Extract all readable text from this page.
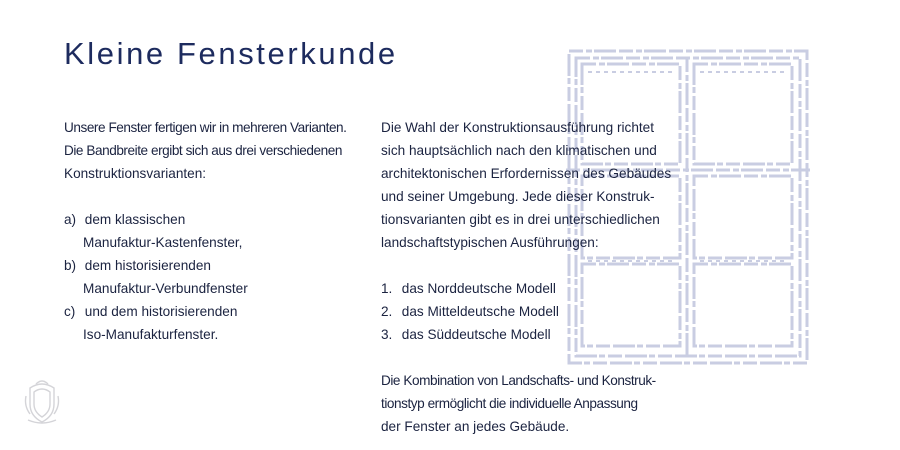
Kleine Fensterkunde

Unsere Fenster fertigen wir in mehreren Varianten.

Die Bandbreite ergibt sich aus drei verschiedenen

Konstruktionsvarianten:

a) dem klassischen
Manufaktur-Kastenfenster,
b) dem historisierenden
Manufaktur-Verbundfenster
c) und dem historisierenden
Iso-Manufakturfenster.

Die Wahl der Konstruktionsausführung richtet

sich hauptsächlich nach den klimatischen und

architektonischen Erfordernissen des Gebäudes

und seiner Umgebung. Jede dieser Konstruk-

tionsvarianten gibt es in drei unterschiedlichen

landschaftstypischen Ausführungen:

1. das Norddeutsche Modell
2. das Mitteldeutsche Modell
3. das Süddeutsche Modell

Die Kombination von Landschafts- und Konstruk-

tionstyp ermöglicht die individuelle Anpassung

der Fenster an jedes Gebäude.
